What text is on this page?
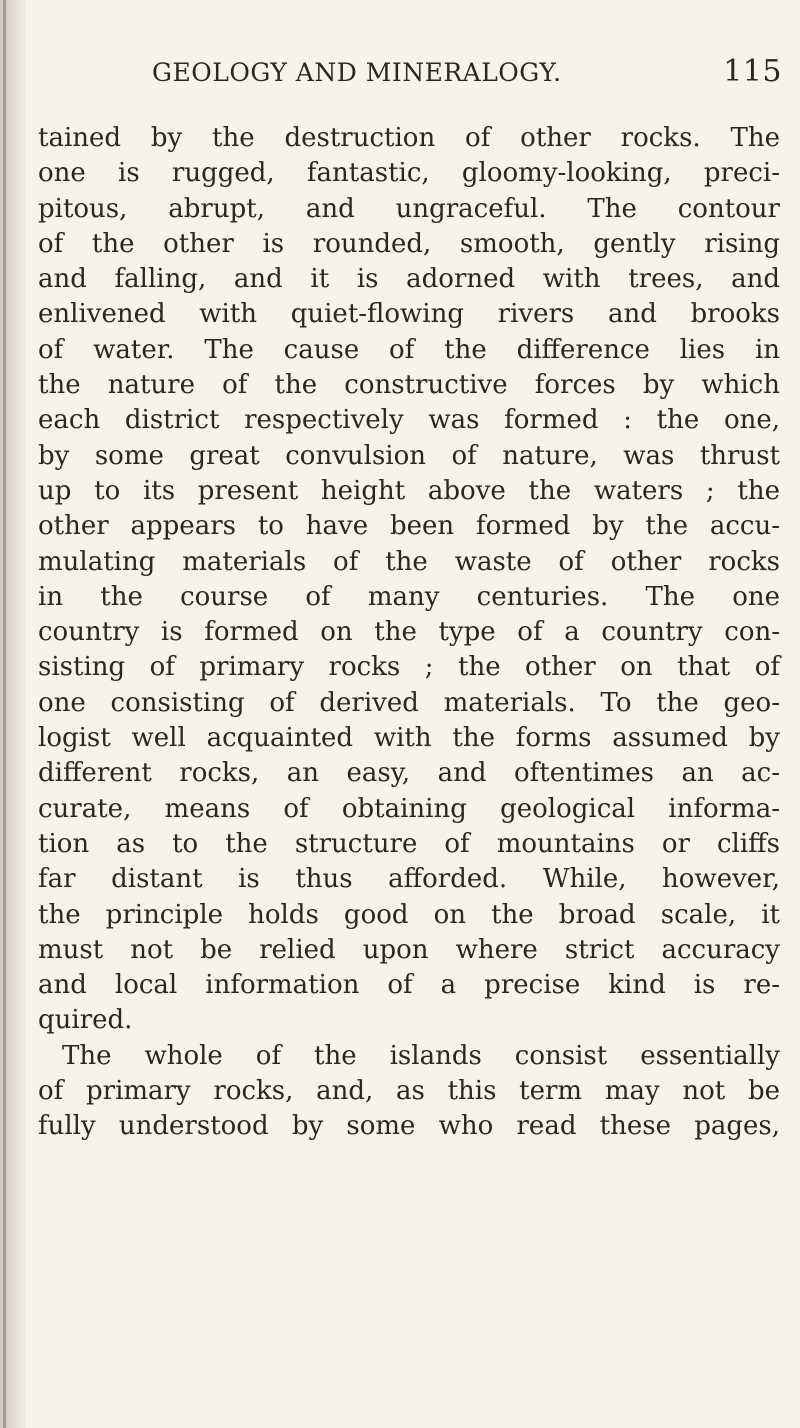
GEOLOGY AND MINERALOGY.	115
tained by the destruction of other rocks. The
one is rugged, fantastic, gloomy-looking, preci-
pitous, abrupt, and ungraceful. The contour
of the other is rounded, smooth, gently rising
and falling, and it is adorned with trees, and
enlivened with quiet-flowing rivers and brooks
of water. The cause of the difference lies in
the nature of the constructive forces by which
each district respectively was formed : the one,
by some great convulsion of nature, was thrust
up to its present height above the waters ; the
other appears to have been formed by the accu-
mulating materials of the waste of other rocks
in the course of many centuries. The one
country is formed on the type of a country con-
sisting of primary rocks ; the other on that of
one consisting of derived materials. To the geo-
logist well acquainted with the forms assumed by
different rocks, an easy, and oftentimes an ac-
curate, means of obtaining geological informa-
tion as to the structure of mountains or cliffs
far distant is thus afforded. While, however,
the principle holds good on the broad scale, it
must not be relied upon where strict accuracy
and local information of a precise kind is re-
quired.
The whole of the islands consist essentially
of primary rocks, and, as this term may not be
fully understood by some who read these pages,
